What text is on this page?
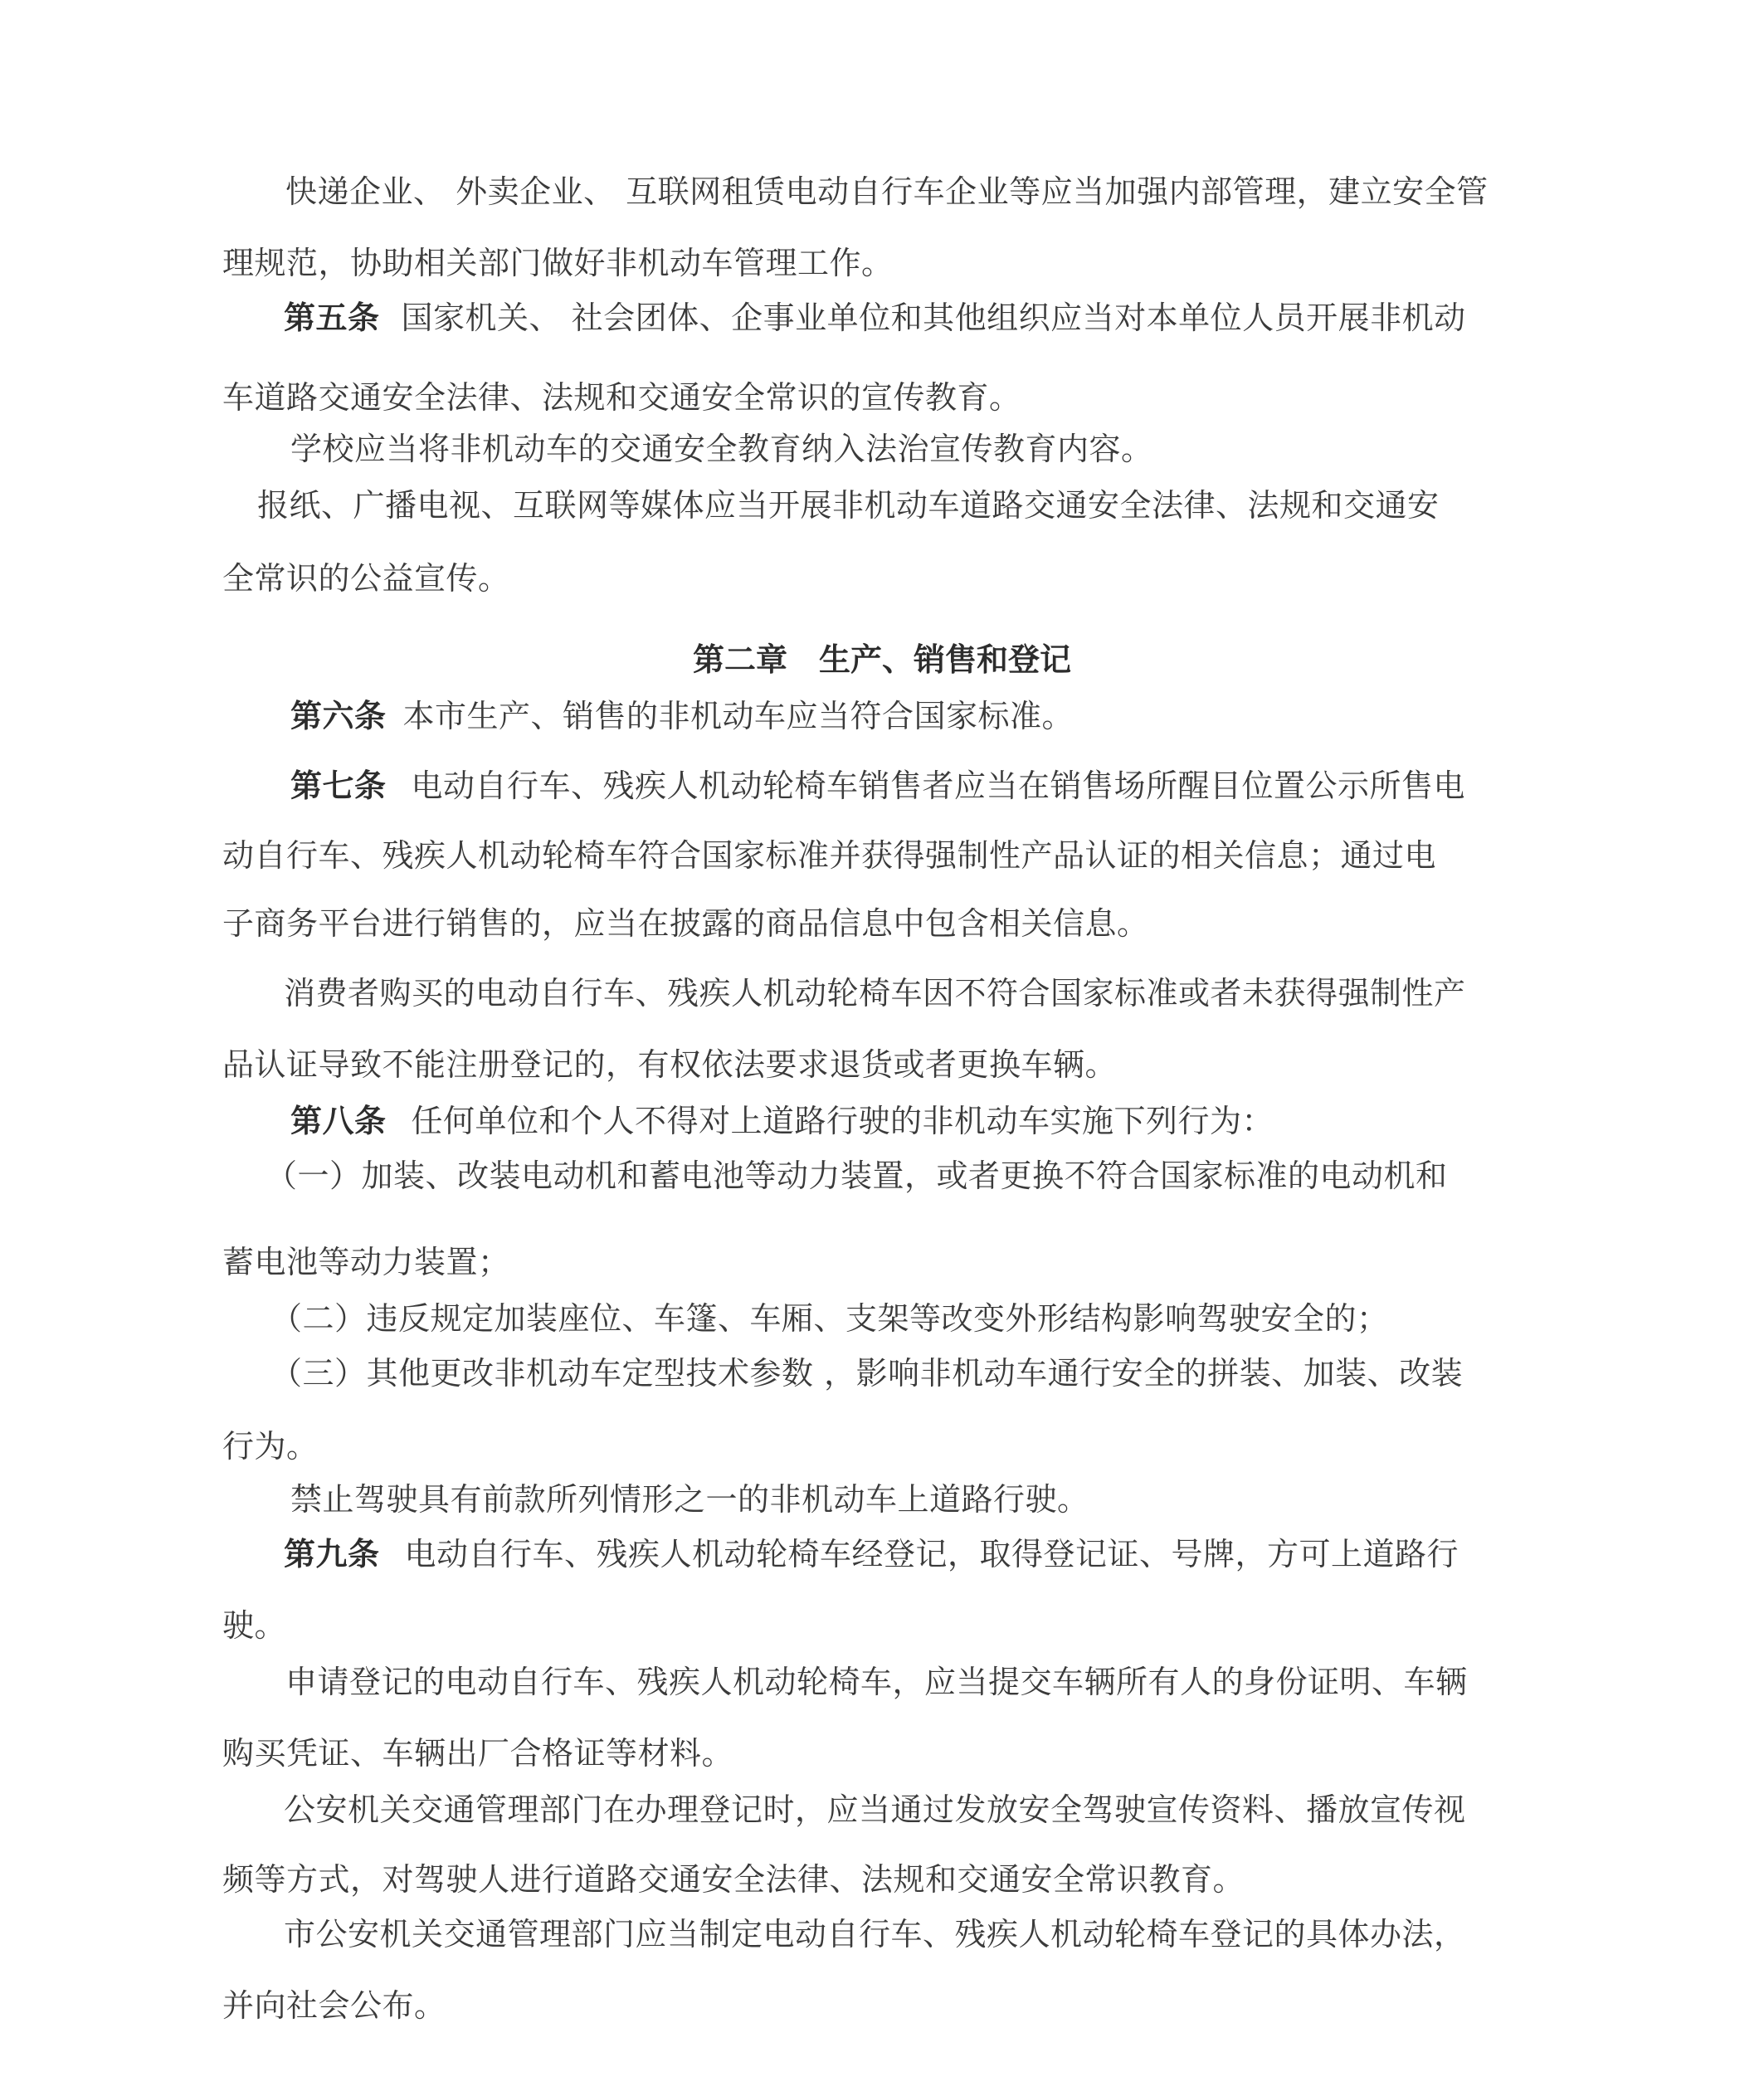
快递企业、 外卖企业、 互联网租赁电动自行车企业等应当加强内部管理，建立安全管
理规范，协助相关部门做好非机动车管理工作。
第五条 国家机关、 社会团体、企事业单位和其他组织应当对本单位人员开展非机动
车道路交通安全法律、法规和交通安全常识的宣传教育。
学校应当将非机动车的交通安全教育纳入法治宣传教育内容。
报纸、广播电视、互联网等媒体应当开展非机动车道路交通安全法律、法规和交通安
全常识的公益宣传。
第二章　生产、销售和登记
第六条 本市生产、销售的非机动车应当符合国家标准。
第七条 电动自行车、残疾人机动轮椅车销售者应当在销售场所醒目位置公示所售电
动自行车、残疾人机动轮椅车符合国家标准并获得强制性产品认证的相关信息；通过电
子商务平台进行销售的，应当在披露的商品信息中包含相关信息。
消费者购买的电动自行车、残疾人机动轮椅车因不符合国家标准或者未获得强制性产
品认证导致不能注册登记的，有权依法要求退货或者更换车辆。
第八条 任何单位和个人不得对上道路行驶的非机动车实施下列行为：
（一）加装、改装电动机和蓄电池等动力装置，或者更换不符合国家标准的电动机和
蓄电池等动力装置；
（二）违反规定加装座位、车篷、车厢、支架等改变外形结构影响驾驶安全的；
（三）其他更改非机动车定型技术参数 ，影响非机动车通行安全的拼装、加装、改装
行为。
禁止驾驶具有前款所列情形之一的非机动车上道路行驶。
第九条 电动自行车、残疾人机动轮椅车经登记，取得登记证、号牌，方可上道路行
驶。
申请登记的电动自行车、残疾人机动轮椅车，应当提交车辆所有人的身份证明、车辆
购买凭证、车辆出厂合格证等材料。
公安机关交通管理部门在办理登记时，应当通过发放安全驾驶宣传资料、播放宣传视
频等方式，对驾驶人进行道路交通安全法律、法规和交通安全常识教育。
市公安机关交通管理部门应当制定电动自行车、残疾人机动轮椅车登记的具体办法，
并向社会公布。
